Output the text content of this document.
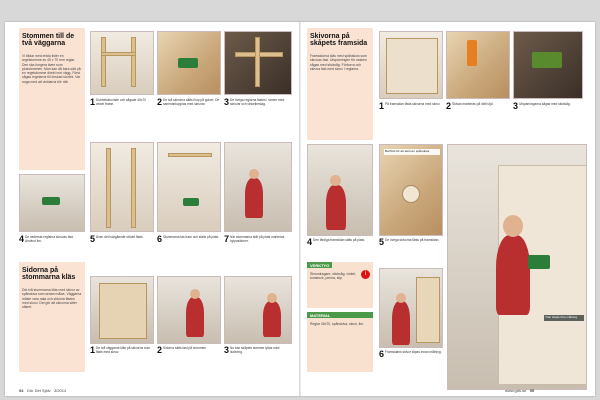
Stommen till de två väggarna
Vi bildar med enkla lister en regelstomme av 45 x 70 mm reglar. Den ska fungera även som plusstommen. Man kan då bara sätt på en regelstomme direkt mot vägg. Först sågas regelarna till önskad storlek. Var noga med att vinklarna blir rätt.
1 Dubbelskruvade och sågade 45x70 vinkel frame.	2 De två skivorna sätts ihop på golvet. De sammankopplas med skruvar.	3 De övriga reglarna fästes i ramen med skruvar och vinkelbeslag.
4 De nedersta reglarna skruvas fast. Använd lim.	5 Även det tvärgående stödet fästs.	6 Stommarna tas fram och ställs på plats. 7 När stommarna står på plats markeras hylpositioner.
Sidorna på stommarna kläs
Det två stommarna kläs med skivor av spånskiva som sedan målas. Väggarna måste vara raka och sidorna fästes med skruv. Det gör att skivorna sitter säkert.
1 De två väggarna kläs på skivorna som fästs med skruv.	2 Sidorna sätts fast på stommen.	3 Nu kan skåpets stomme fyllas med isolering.
94 Gör Det Själv 3/2014
Skivorna på skåpets framsida
Framsidorna kläs med spånskiva som skruvas fast. Utsparningen för vasken sågas med sticksåg. Förborra och skruva fast med skruv i reglarna.
1 På framsidan fästs skivorna med skruv. 2 Skivan markeras på rätt höjd.	3 Utsparningarna sågas med sticksåg.
Borrbits för att skruva i spånskiva
4 Den färdiga framsidan sätts på plats.	5 De övriga skivorna fästs på framsidan.
VERKTYG
i
Skruvdragare, sticksåg, vinkel, tumstock, penna, slip.
MATERIAL
Reglar 45x70, spånskiva, skruv, lim.
6 Framsidans skivor slipas innan målning.
Ytan slipas före målning
www.gds.se 95
